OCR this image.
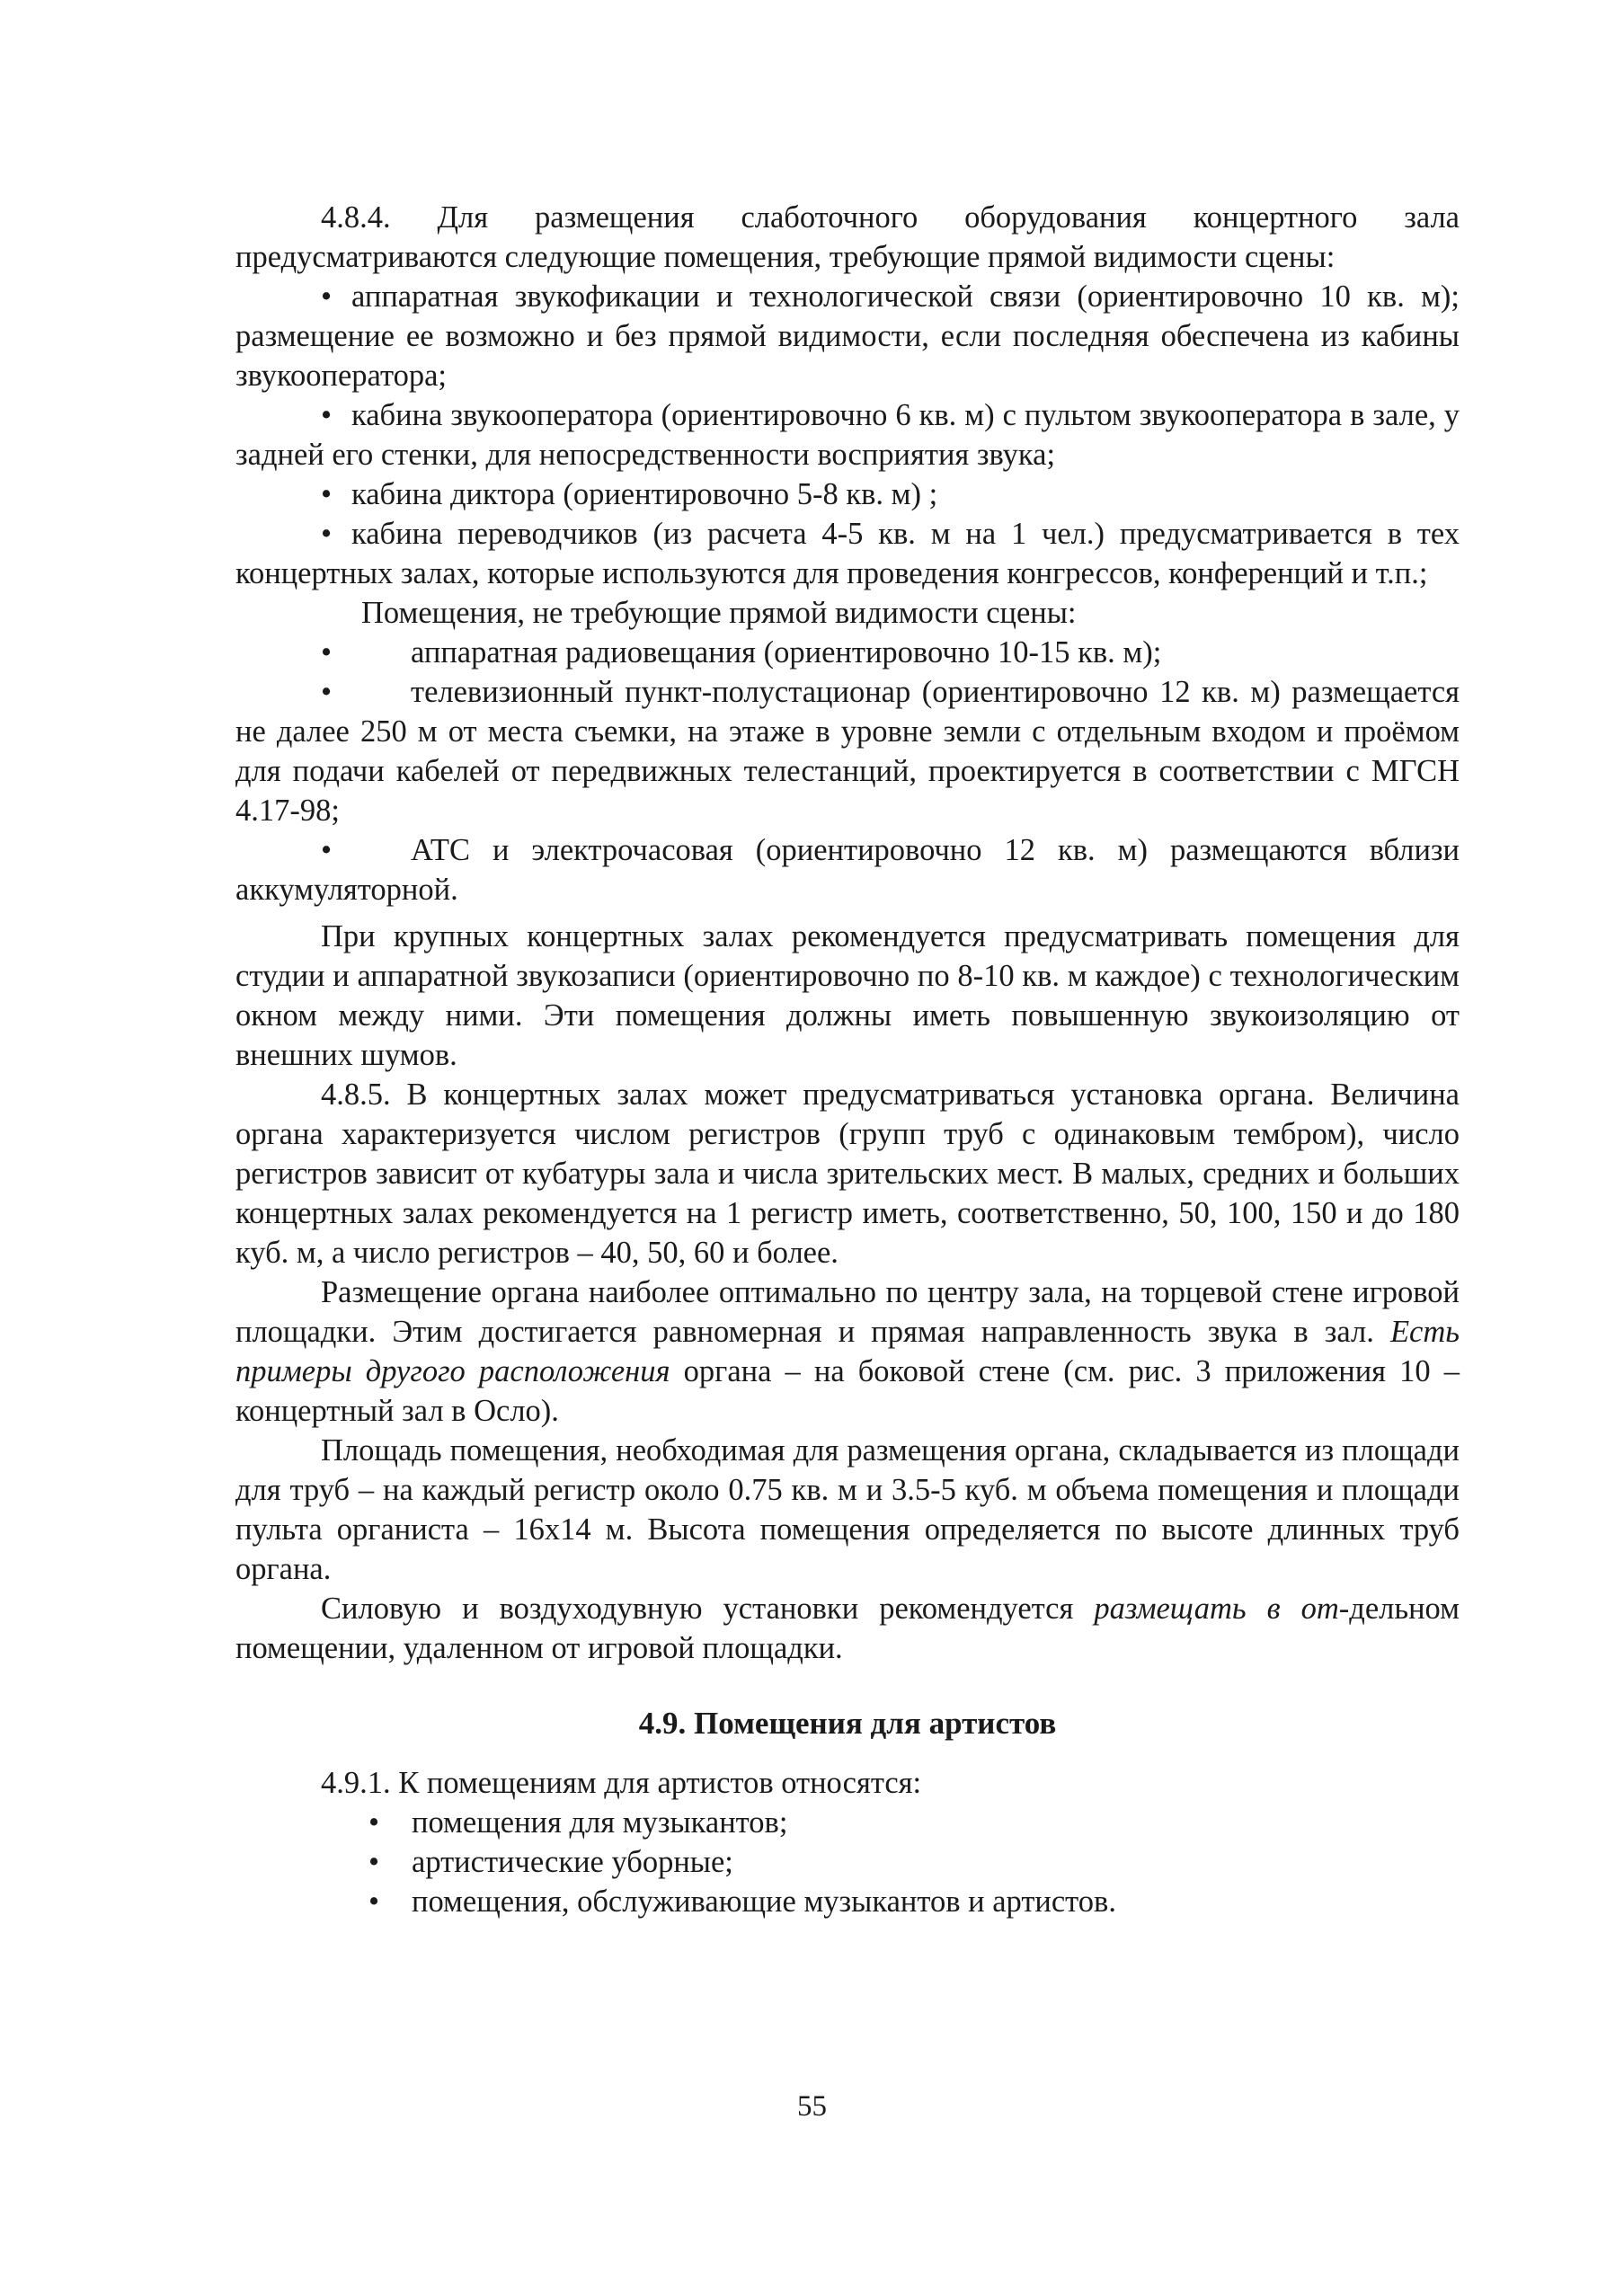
4.8.4. Для размещения слаботочного оборудования концертного зала предусматриваются следующие помещения, требующие прямой видимости сцены:

• аппаратная звукофикации и технологической связи (ориентировочно 10 кв. м); размещение ее возможно и без прямой видимости, если последняя обеспечена из кабины звукооператора;

• кабина звукооператора (ориентировочно 6 кв. м) с пультом звукооператора в зале, у задней его стенки, для непосредственности восприятия звука;

• кабина диктора (ориентировочно 5-8 кв. м) ;

• кабина переводчиков (из расчета 4-5 кв. м на 1 чел.) предусматривается в тех концертных залах, которые используются для проведения конгрессов, конференций и т.п.;

Помещения, не требующие прямой видимости сцены:

•	аппаратная радиовещания (ориентировочно 10-15 кв. м);

•	телевизионный пункт-полустационар (ориентировочно 12 кв. м) размещается не далее 250 м от места съемки, на этаже в уровне земли с отдельным входом и проёмом для подачи кабелей от передвижных телестанций, проектируется в соответствии с МГСН 4.17-98;

•	АТС и электрочасовая (ориентировочно 12 кв. м) размещаются вблизи аккумуляторной.

При крупных концертных залах рекомендуется предусматривать помещения для студии и аппаратной звукозаписи (ориентировочно по 8-10 кв. м каждое) с технологическим окном между ними. Эти помещения должны иметь повышенную звукоизоляцию от внешних шумов.

4.8.5. В концертных залах может предусматриваться установка органа. Величина органа характеризуется числом регистров (групп труб с одинаковым тембром), число регистров зависит от кубатуры зала и числа зрительских мест. В малых, средних и больших концертных залах рекомендуется на 1 регистр иметь, соответственно, 50, 100, 150 и до 180 куб. м, а число регистров – 40, 50, 60 и более.

Размещение органа наиболее оптимально по центру зала, на торцевой стене игровой площадки. Этим достигается равномерная и прямая направленность звука в зал. Есть примеры другого расположения органа – на боковой стене (см. рис. 3 приложения 10 – концертный зал в Осло).

Площадь помещения, необходимая для размещения органа, складывается из площади для труб – на каждый регистр около 0.75 кв. м и 3.5-5 куб. м объема помещения и площади пульта органиста – 16x14 м. Высота помещения определяется по высоте длинных труб органа.

Силовую и воздуходувную установки рекомендуется размещать в от-дельном помещении, удаленном от игровой площадки.

4.9. Помещения для артистов

4.9.1. К помещениям для артистов относятся:

• помещения для музыкантов;

• артистические уборные;

• помещения, обслуживающие музыкантов и артистов.

55
